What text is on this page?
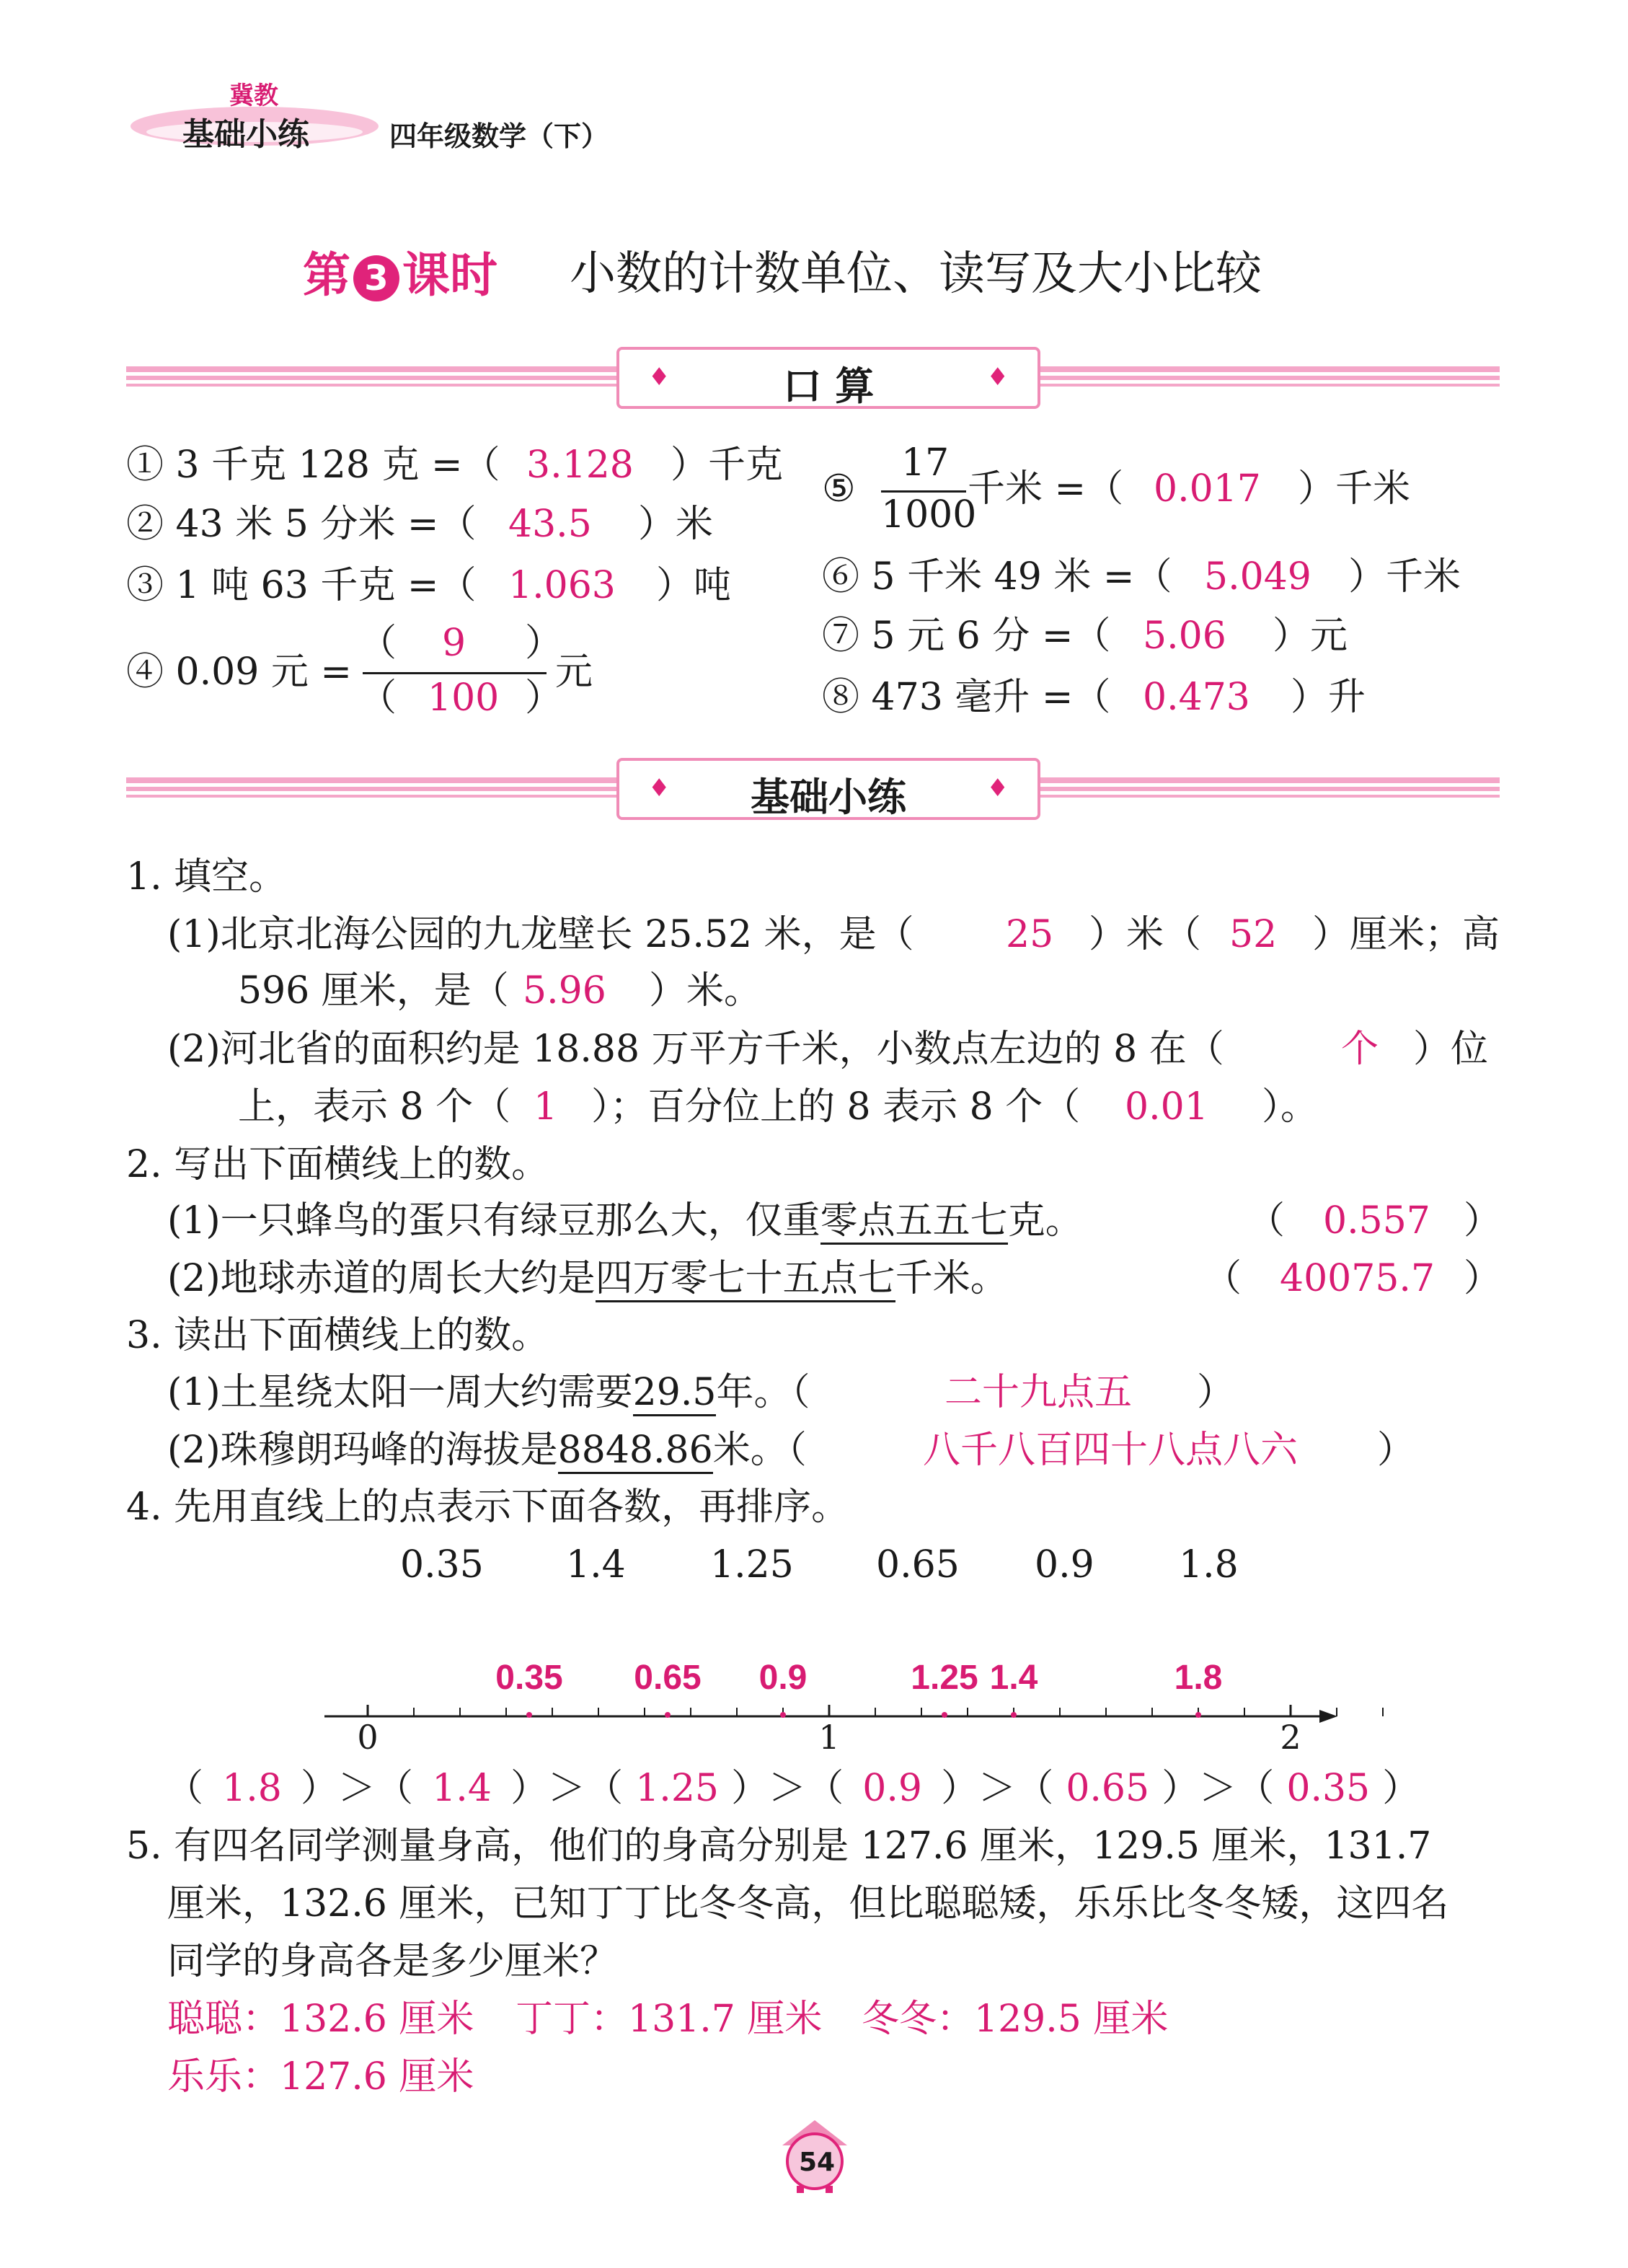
冀教
基础小练	四年级数学（下）
第 3 课时 小数的计数单位、读写及大小比较
♦	口 算	♦
① 3 千克 128 克 =（ 3.128 ）千克
② 43 米 5 分米 =（ 43.5 ）米
③ 1 吨 63 千克 =（ 1.063 ）吨
④ 0.09 元 =
（ 9 ）
（ 100 ）
元
⑤
17
1000
千米 =（ 0.017 ）千米
⑥ 5 千米 49 米 =（ 5.049 ）千米
⑦ 5 元 6 分 =（ 5.06 ）元
⑧ 473 毫升 =（ 0.473 ）升
♦	基础小练	♦
1. 填空。
(1)北京北海公园的九龙壁长 25.52 米，是（ 25 ）米（ 52 ）厘米；高
596 厘米，是（ 5.96 ）米。
(2)河北省的面积约是 18.88 万平方千米，小数点左边的 8 在（	个 ）位
上，表示 8 个（ 1 ）；百分位上的 8 表示 8 个（ 0.01 ）。
2. 写出下面横线上的数。
(1)一只蜂鸟的蛋只有绿豆那么大，仅重零点五五七克。	（ 0.557 ）
(2)地球赤道的周长大约是四万零七十五点七千米。	（ 40075.7 ）
3. 读出下面横线上的数。
(1)土星绕太阳一周大约需要29.5年。（	二十九点五 ）
(2)珠穆朗玛峰的海拔是8848.86米。（	八千八百四十八点八六 ）
4. 先用直线上的点表示下面各数，再排序。
0.35 1.4 1.25 0.65 0.9 1.8
0	1	2
0.35 0.65 0.9	1.25 1.4	1.8
（ 1.8 ）＞（ 1.4 ）＞（ 1.25 ）＞（ 0.9 ）＞（ 0.65 ）＞（ 0.35 ）
5. 有四名同学测量身高，他们的身高分别是 127.6 厘米，129.5 厘米，131.7
厘米，132.6 厘米，已知丁丁比冬冬高，但比聪聪矮，乐乐比冬冬矮，这四名
同学的身高各是多少厘米？
聪聪：132.6 厘米 丁丁：131.7 厘米 冬冬：129.5 厘米
乐乐：127.6 厘米
54
